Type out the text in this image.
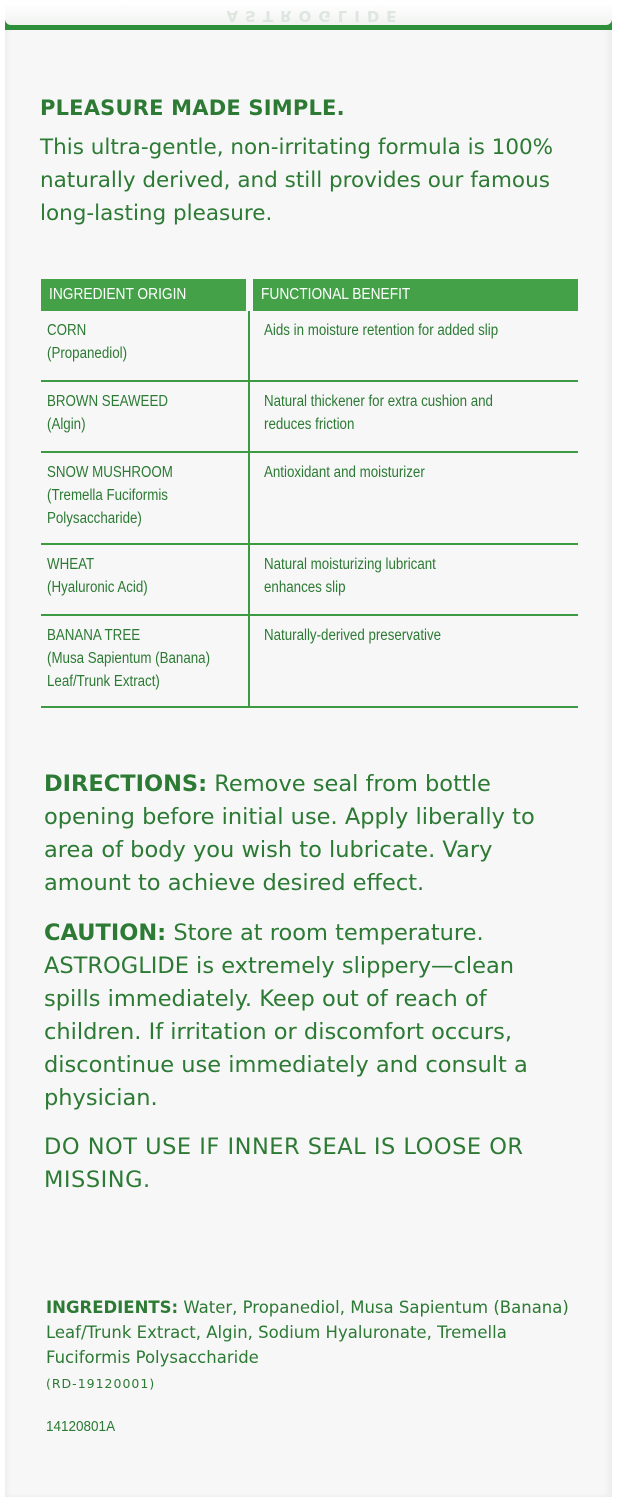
ASTROGLIDE
PLEASURE MADE SIMPLE.

This ultra-gentle, non-irritating formula is 100% naturally derived, and still provides our famous long-lasting pleasure.

INGREDIENT ORIGIN	FUNCTIONAL BENEFIT

CORN
(Propanediol)	Aids in moisture retention for added slip

BROWN SEAWEED
(Algin)	Natural thickener for extra cushion and
reduces friction

SNOW MUSHROOM
(Tremella Fuciformis
Polysaccharide)	Antioxidant and moisturizer

WHEAT
(Hyaluronic Acid)	Natural moisturizing lubricant
enhances slip

BANANA TREE
(Musa Sapientum (Banana)
Leaf/Trunk Extract)	Naturally-derived preservative

DIRECTIONS: Remove seal from bottle opening before initial use. Apply liberally to area of body you wish to lubricate. Vary amount to achieve desired effect.

CAUTION: Store at room temperature. ASTROGLIDE is extremely slippery—clean spills immediately. Keep out of reach of children. If irritation or discomfort occurs, discontinue use immediately and consult a physician.

DO NOT USE IF INNER SEAL IS LOOSE OR MISSING.

INGREDIENTS: Water, Propanediol, Musa Sapientum (Banana) Leaf/Trunk Extract, Algin, Sodium Hyaluronate, Tremella Fuciformis Polysaccharide

(RD-19120001)
14120801A
